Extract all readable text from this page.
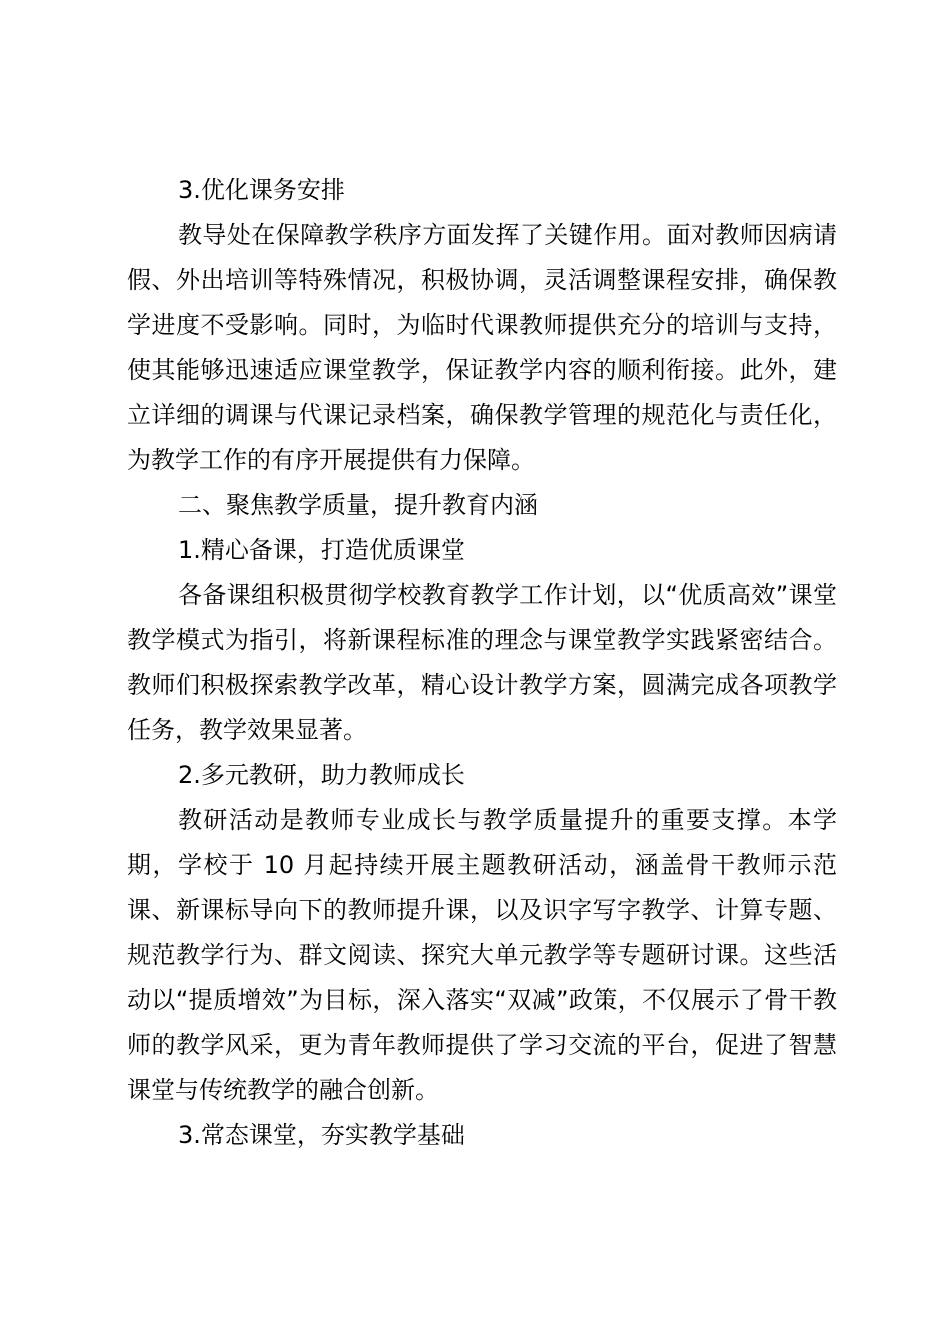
3.优化课务安排

教导处在保障教学秩序方面发挥了关键作用。面对教师因病请假、外出培训等特殊情况，积极协调，灵活调整课程安排，确保教学进度不受影响。同时，为临时代课教师提供充分的培训与支持，使其能够迅速适应课堂教学，保证教学内容的顺利衔接。此外，建立详细的调课与代课记录档案，确保教学管理的规范化与责任化，为教学工作的有序开展提供有力保障。

二、聚焦教学质量，提升教育内涵

1.精心备课，打造优质课堂

各备课组积极贯彻学校教育教学工作计划，以“优质高效”课堂教学模式为指引，将新课程标准的理念与课堂教学实践紧密结合。教师们积极探索教学改革，精心设计教学方案，圆满完成各项教学任务，教学效果显著。

2.多元教研，助力教师成长

教研活动是教师专业成长与教学质量提升的重要支撑。本学期，学校于 10 月起持续开展主题教研活动，涵盖骨干教师示范课、新课标导向下的教师提升课，以及识字写字教学、计算专题、规范教学行为、群文阅读、探究大单元教学等专题研讨课。这些活动以“提质增效”为目标，深入落实“双减”政策，不仅展示了骨干教师的教学风采，更为青年教师提供了学习交流的平台，促进了智慧课堂与传统教学的融合创新。

3.常态课堂，夯实教学基础
